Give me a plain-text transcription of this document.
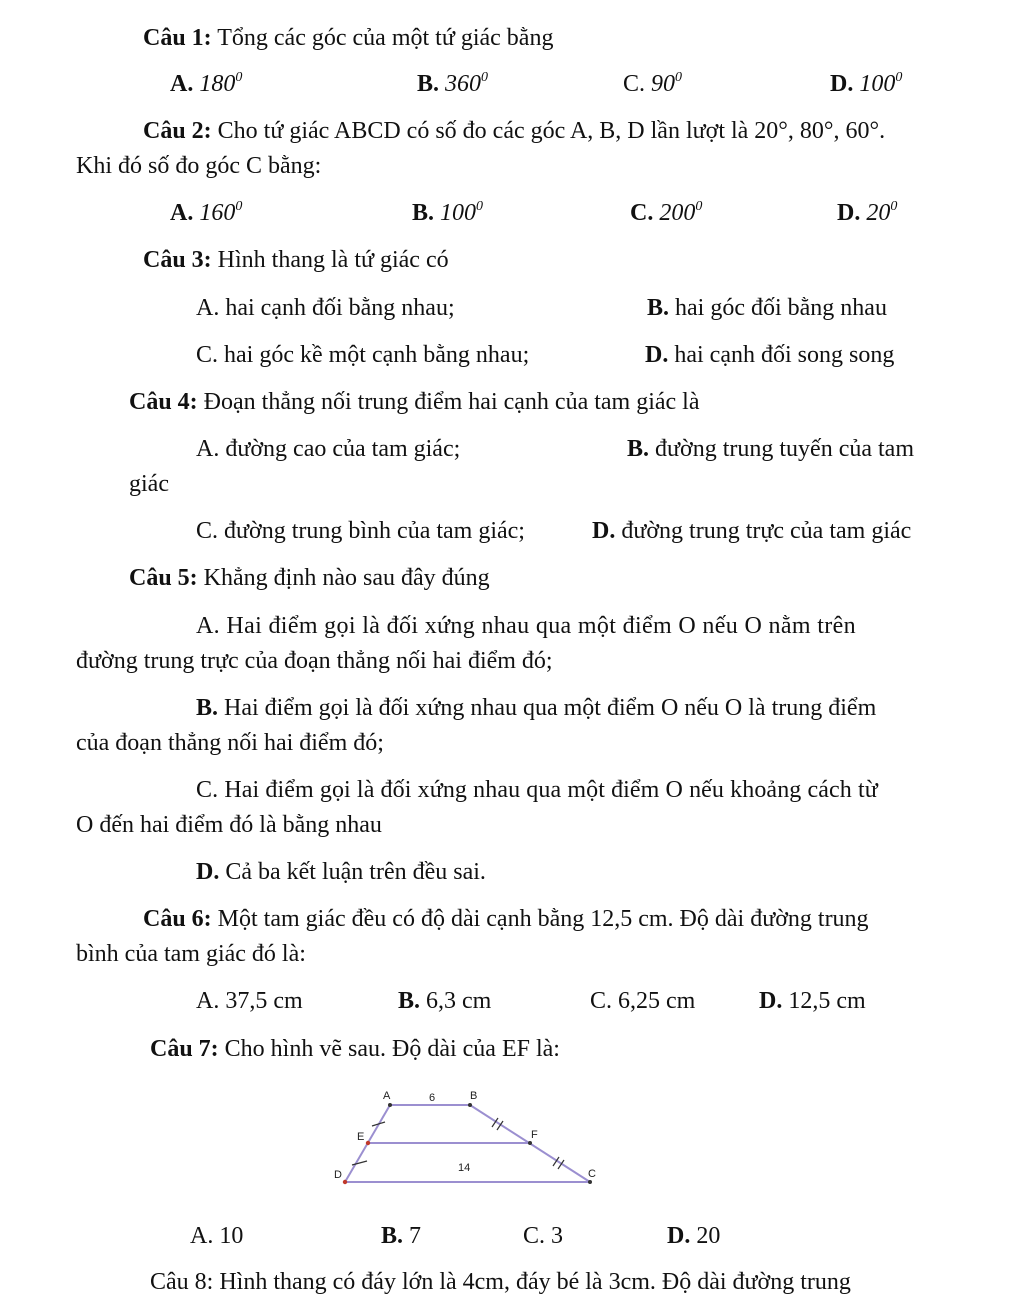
Câu 1: Tổng các góc của một tứ giác bằng
A. $180^0$	B. $360^0$	C. $90^0$	D. $100^0$
Câu 2: Cho tứ giác ABCD có số đo các góc A, B, D lần lượt là 20°, 80°, 60°.
Khi đó số đo góc C bằng:
A. $160^0$	B. $100^0$	C. $200^0$	D. $20^0$
Câu 3: Hình thang là tứ giác có
A. hai cạnh đối bằng nhau;	B. hai góc đối bằng nhau
C. hai góc kề một cạnh bằng nhau;	D. hai cạnh đối song song
Câu 4: Đoạn thẳng nối trung điểm hai cạnh của tam giác là
A. đường cao của tam giác;	B. đường trung tuyến của tam
giác
C. đường trung bình của tam giác;	D. đường trung trực của tam giác
Câu 5: Khẳng định nào sau đây đúng
A. Hai điểm gọi là đối xứng nhau qua một điểm O nếu O nằm trên
đường trung trực của đoạn thẳng nối hai điểm đó;
B. Hai điểm gọi là đối xứng nhau qua một điểm O nếu O là trung điểm
của đoạn thẳng nối hai điểm đó;
C. Hai điểm gọi là đối xứng nhau qua một điểm O nếu khoảng cách từ
O đến hai điểm đó là bằng nhau
D. Cả ba kết luận trên đều sai.
Câu 6: Một tam giác đều có độ dài cạnh bằng 12,5 cm. Độ dài đường trung
bình của tam giác đó là:
A. 37,5 cm	B. 6,3 cm	C. 6,25 cm	D. 12,5 cm
Câu 7: Cho hình vẽ sau. Độ dài của EF là:
A	6	B
E	F
D
14	C
A. 10	B. 7	C. 3	D. 20
Câu 8: Hình thang có đáy lớn là 4cm, đáy bé là 3cm. Độ dài đường trung
